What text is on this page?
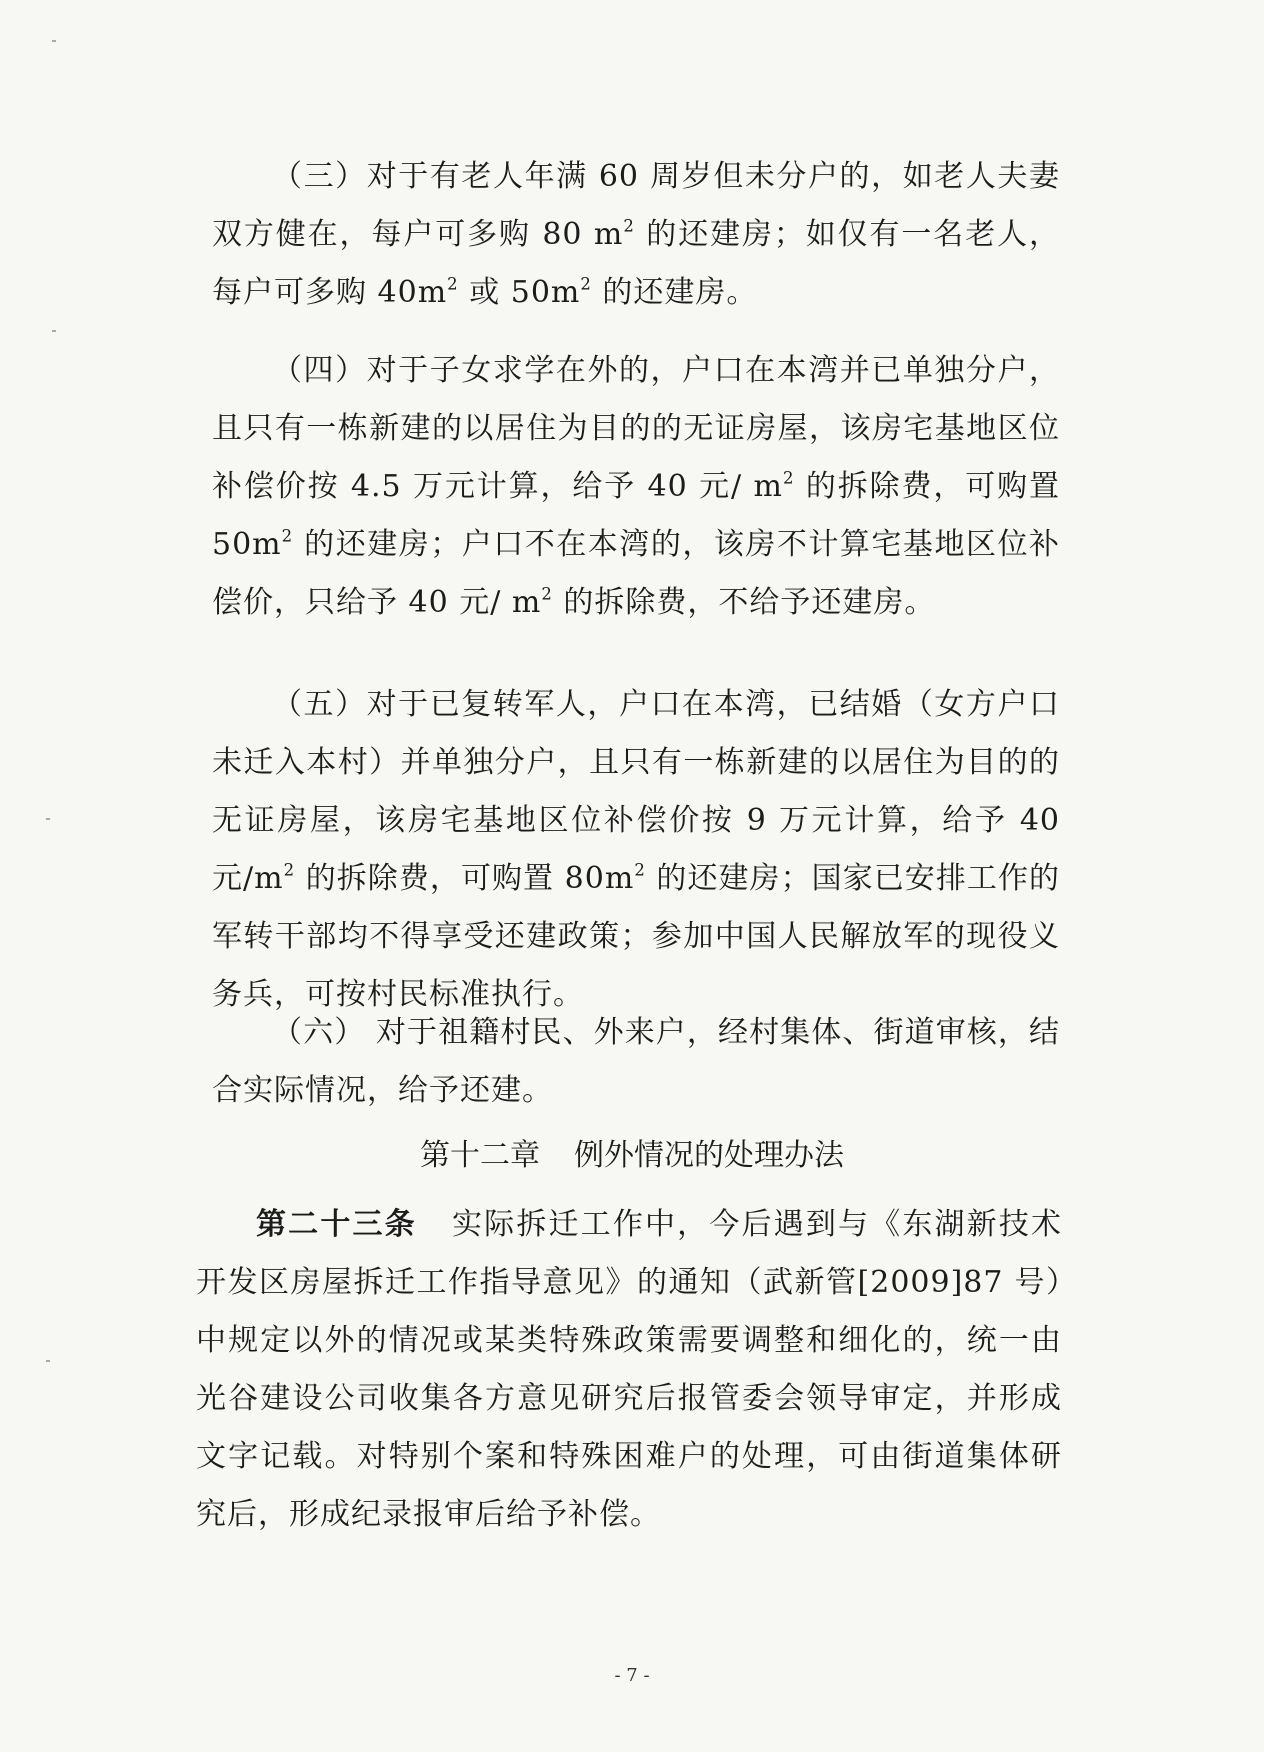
（三）对于有老人年满 60 周岁但未分户的，如老人夫妻双方健在，每户可多购 80 $m^2$ 的还建房；如仅有一名老人，每户可多购 $40m^2$ 或 $50m^2$ 的还建房。

（四）对于子女求学在外的，户口在本湾并已单独分户，且只有一栋新建的以居住为目的的无证房屋，该房宅基地区位补偿价按 4.5 万元计算，给予 40 元/ $m^2$ 的拆除费，可购置 $50m^2$ 的还建房；户口不在本湾的，该房不计算宅基地区位补偿价，只给予 40 元/ $m^2$ 的拆除费，不给予还建房。

（五）对于已复转军人，户口在本湾，已结婚（女方户口未迁入本村）并单独分户，且只有一栋新建的以居住为目的的无证房屋，该房宅基地区位补偿价按 9 万元计算，给予 40 元$/m^2$ 的拆除费，可购置 $80m^2$ 的还建房；国家已安排工作的军转干部均不得享受还建政策；参加中国人民解放军的现役义务兵，可按村民标准执行。

（六） 对于祖籍村民、外来户，经村集体、街道审核，结合实际情况，给予还建。

第十二章 例外情况的处理办法

第二十三条 实际拆迁工作中，今后遇到与《东湖新技术开发区房屋拆迁工作指导意见》的通知（武新管[2009]87 号）中规定以外的情况或某类特殊政策需要调整和细化的，统一由光谷建设公司收集各方意见研究后报管委会领导审定，并形成文字记载。对特别个案和特殊困难户的处理，可由街道集体研究后，形成纪录报审后给予补偿。

- 7 -
